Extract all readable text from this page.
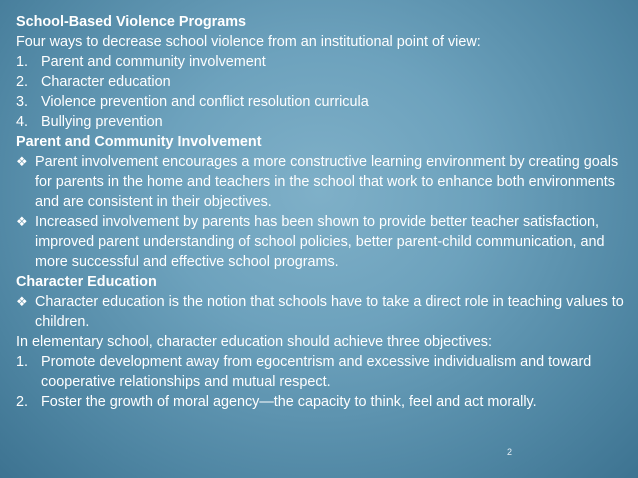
School-Based Violence Programs
Four ways to decrease school violence from an institutional point of view:
1. Parent and community involvement
2. Character education
3. Violence prevention and conflict resolution curricula
4. Bullying prevention
Parent and Community Involvement
❖ Parent involvement encourages a more constructive learning environment by creating goals for parents in the home and teachers in the school that work to enhance both environments and are consistent in their objectives.
❖ Increased involvement by parents has been shown to provide better teacher satisfaction, improved parent understanding of school policies, better parent-child communication, and more successful and effective school programs.
Character Education
❖ Character education is the notion that schools have to take a direct role in teaching values to children.
In elementary school, character education should achieve three objectives:
1. Promote development away from egocentrism and excessive individualism and toward cooperative relationships and mutual respect.
2. Foster the growth of moral agency—the capacity to think, feel and act morally.
2
